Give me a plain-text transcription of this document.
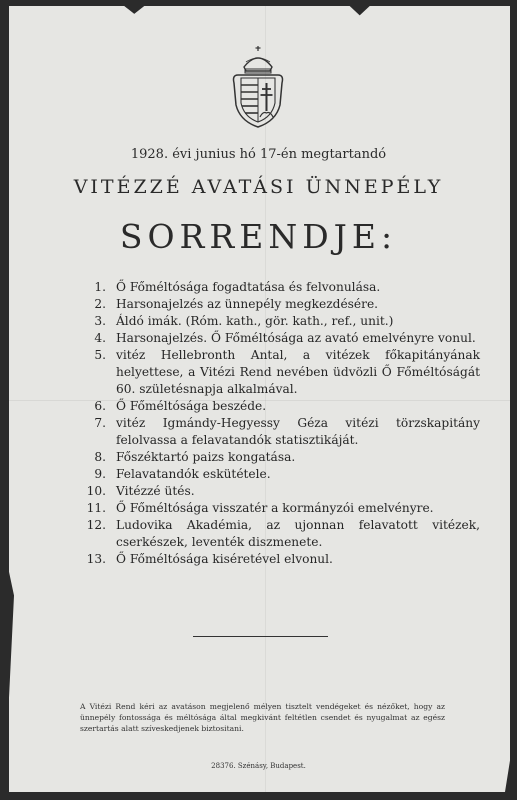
1928. évi junius hó 17-én megtartandó
VITÉZZÉ AVATÁSI ÜNNEPÉLY
SORRENDJE:
1. Ő Főméltósága fogadtatása és felvonulása.
2. Harsonajelzés az ünnepély megkezdésére.
3. Áldó imák. (Róm. kath., gör. kath., ref., unit.)
4. Harsonajelzés. Ő Főméltósága az avató emelvényre vonul.
5. vitéz Hellebronth Antal, a vitézek főkapitányának helyettese, a Vitézi Rend nevében üdvözli Ő Főméltóságát 60. születésnapja alkalmával.
6. Ő Főméltósága beszéde.
7. vitéz Igmándy-Hegyessy Géza vitézi törzskapitány felolvassa a felavatandók statisztikáját.
8. Főszéktartó paizs kongatása.
9. Felavatandók eskütétele.
10. Vitézzé ütés.
11. Ő Főméltósága visszatér a kormányzói emelvényre.
12. Ludovika Akadémia, az ujonnan felavatott vitézek, cserkészek, leventék diszmenete.
13. Ő Főméltósága kiséretével elvonul.
A Vitézi Rend kéri az avatáson megjelenő mélyen tisztelt vendégeket és nézőket, hogy az ünnepély fontossága és méltósága által megkivánt feltétlen csendet és nyugalmat az egész szertartás alatt szíveskedjenek biztositani.
28376. Szénásy, Budapest.
